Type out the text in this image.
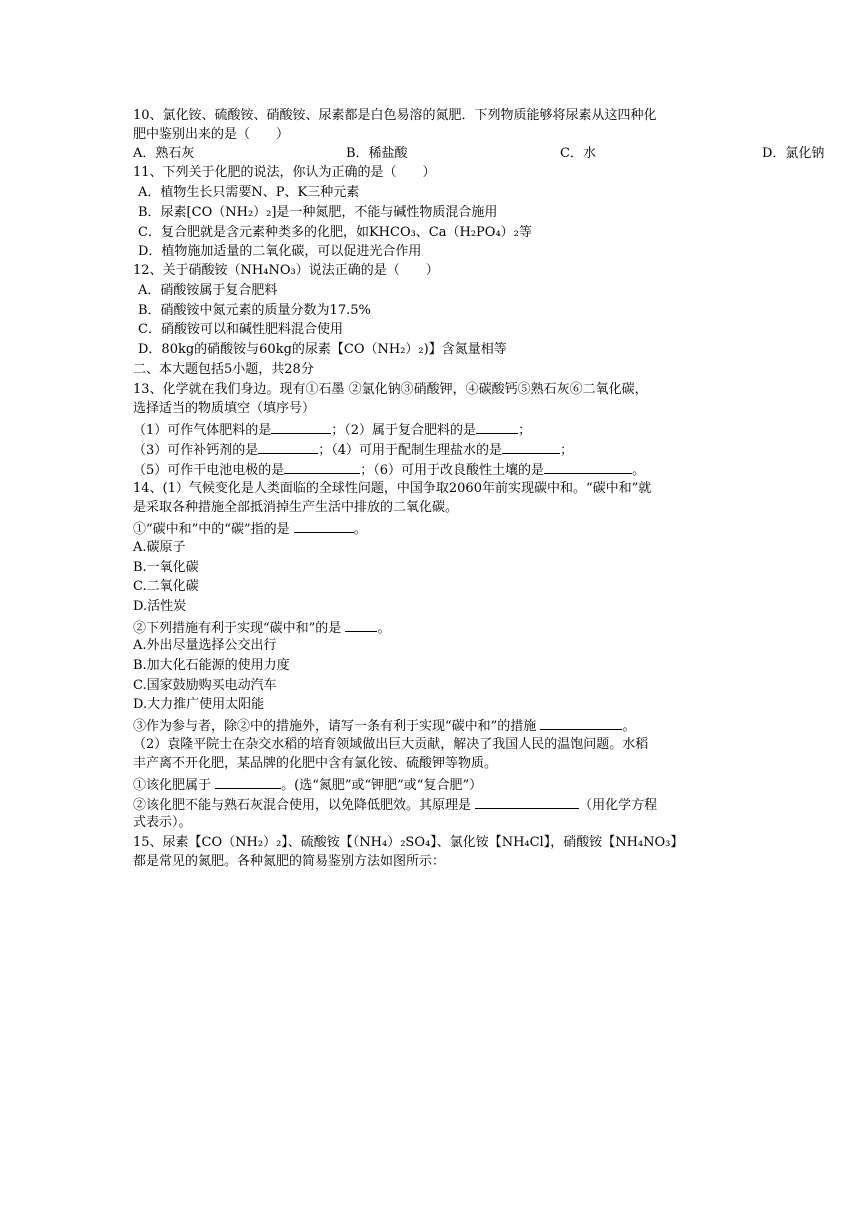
10、氯化铵、硫酸铵、硝酸铵、尿素都是白色易溶的氮肥．下列物质能够将尿素从这四种化
肥中鉴别出来的是（　　）
A．熟石灰	B．稀盐酸	C．水	D．氯化钠
11、下列关于化肥的说法，你认为正确的是（　　）
A．植物生长只需要N、P、K三种元素
B．尿素[CO（NH₂）₂]是一种氮肥，不能与碱性物质混合施用
C．复合肥就是含元素种类多的化肥，如KHCO₃、Ca（H₂PO₄）₂等
D．植物施加适量的二氧化碳，可以促进光合作用
12、关于硝酸铵（NH₄NO₃）说法正确的是（　　）
A．硝酸铵属于复合肥料
B．硝酸铵中氮元素的质量分数为17.5%
C．硝酸铵可以和碱性肥料混合使用
D．80kg的硝酸铵与60kg的尿素【CO（NH₂）₂)】含氮量相等
二、本大题包括5小题，共28分
13、化学就在我们身边。现有①石墨 ②氯化钠③硝酸钾，④碳酸钙⑤熟石灰⑥二氧化碳，
选择适当的物质填空（填序号）
（1）可作气体肥料的是	；（2）属于复合肥料的是	；
（3）可作补钙剂的是	；（4）可用于配制生理盐水的是	；
（5）可作干电池电极的是	；（6）可用于改良酸性土壤的是	。
14、(1）气候变化是人类面临的全球性问题，中国争取2060年前实现碳中和。“碳中和”就
是采取各种措施全部抵消掉生产生活中排放的二氧化碳。
①“碳中和”中的“碳”指的是	。
A.碳原子
B.一氧化碳
C.二氧化碳
D.活性炭
②下列措施有利于实现“碳中和”的是	。
A.外出尽量选择公交出行
B.加大化石能源的使用力度
C.国家鼓励购买电动汽车
D.大力推广使用太阳能
③作为参与者，除②中的措施外，请写一条有利于实现“碳中和”的措施	。
（2）袁隆平院士在杂交水稻的培育领域做出巨大贡献，解决了我国人民的温饱问题。水稻
丰产离不开化肥，某品牌的化肥中含有氯化铵、硫酸钾等物质。
①该化肥属于	。(选“氮肥”或“钾肥”或“复合肥”）
②该化肥不能与熟石灰混合使用，以免降低肥效。其原理是	（用化学方程
式表示）。
15、尿素【CO（NH₂）₂】、硫酸铵【（NH₄）₂SO₄】、氯化铵【NH₄Cl】，硝酸铵【NH₄NO₃】
都是常见的氮肥。各种氮肥的简易鉴别方法如图所示：
